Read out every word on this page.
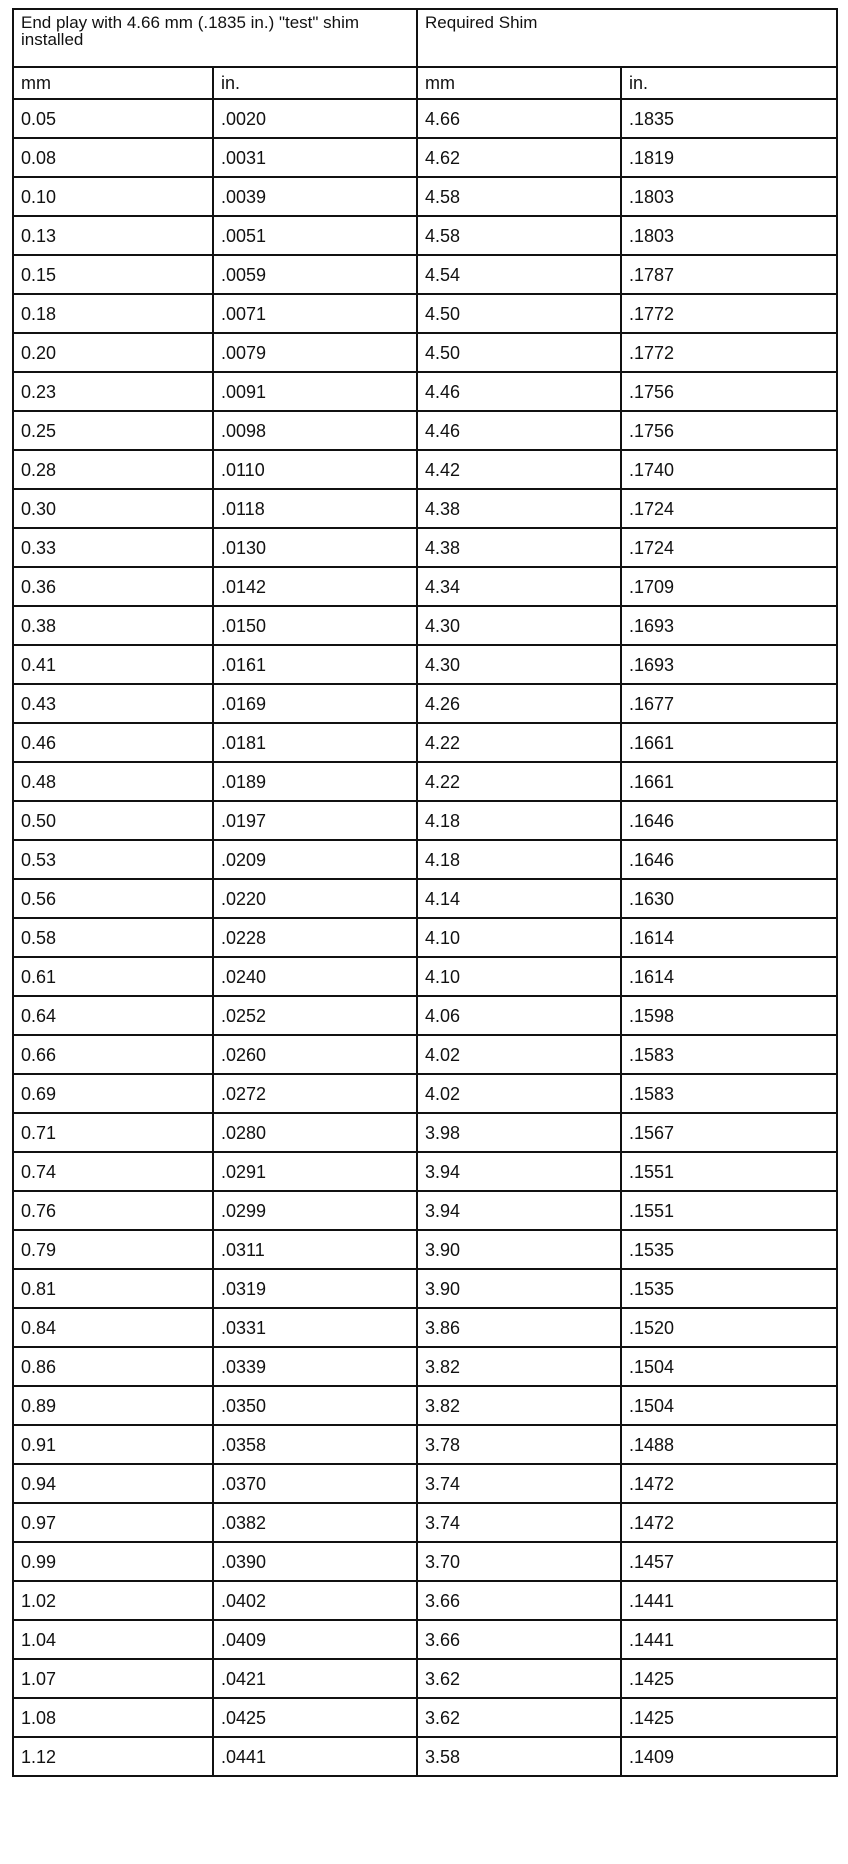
End play with 4.66 mm (.1835 in.) "test" shim installed		Required Shim	
mm	in.	mm	in.
0.05	.0020	4.66	.1835
0.08	.0031	4.62	.1819
0.10	.0039	4.58	.1803
0.13	.0051	4.58	.1803
0.15	.0059	4.54	.1787
0.18	.0071	4.50	.1772
0.20	.0079	4.50	.1772
0.23	.0091	4.46	.1756
0.25	.0098	4.46	.1756
0.28	.0110	4.42	.1740
0.30	.0118	4.38	.1724
0.33	.0130	4.38	.1724
0.36	.0142	4.34	.1709
0.38	.0150	4.30	.1693
0.41	.0161	4.30	.1693
0.43	.0169	4.26	.1677
0.46	.0181	4.22	.1661
0.48	.0189	4.22	.1661
0.50	.0197	4.18	.1646
0.53	.0209	4.18	.1646
0.56	.0220	4.14	.1630
0.58	.0228	4.10	.1614
0.61	.0240	4.10	.1614
0.64	.0252	4.06	.1598
0.66	.0260	4.02	.1583
0.69	.0272	4.02	.1583
0.71	.0280	3.98	.1567
0.74	.0291	3.94	.1551
0.76	.0299	3.94	.1551
0.79	.0311	3.90	.1535
0.81	.0319	3.90	.1535
0.84	.0331	3.86	.1520
0.86	.0339	3.82	.1504
0.89	.0350	3.82	.1504
0.91	.0358	3.78	.1488
0.94	.0370	3.74	.1472
0.97	.0382	3.74	.1472
0.99	.0390	3.70	.1457
1.02	.0402	3.66	.1441
1.04	.0409	3.66	.1441
1.07	.0421	3.62	.1425
1.08	.0425	3.62	.1425
1.12	.0441	3.58	.1409
